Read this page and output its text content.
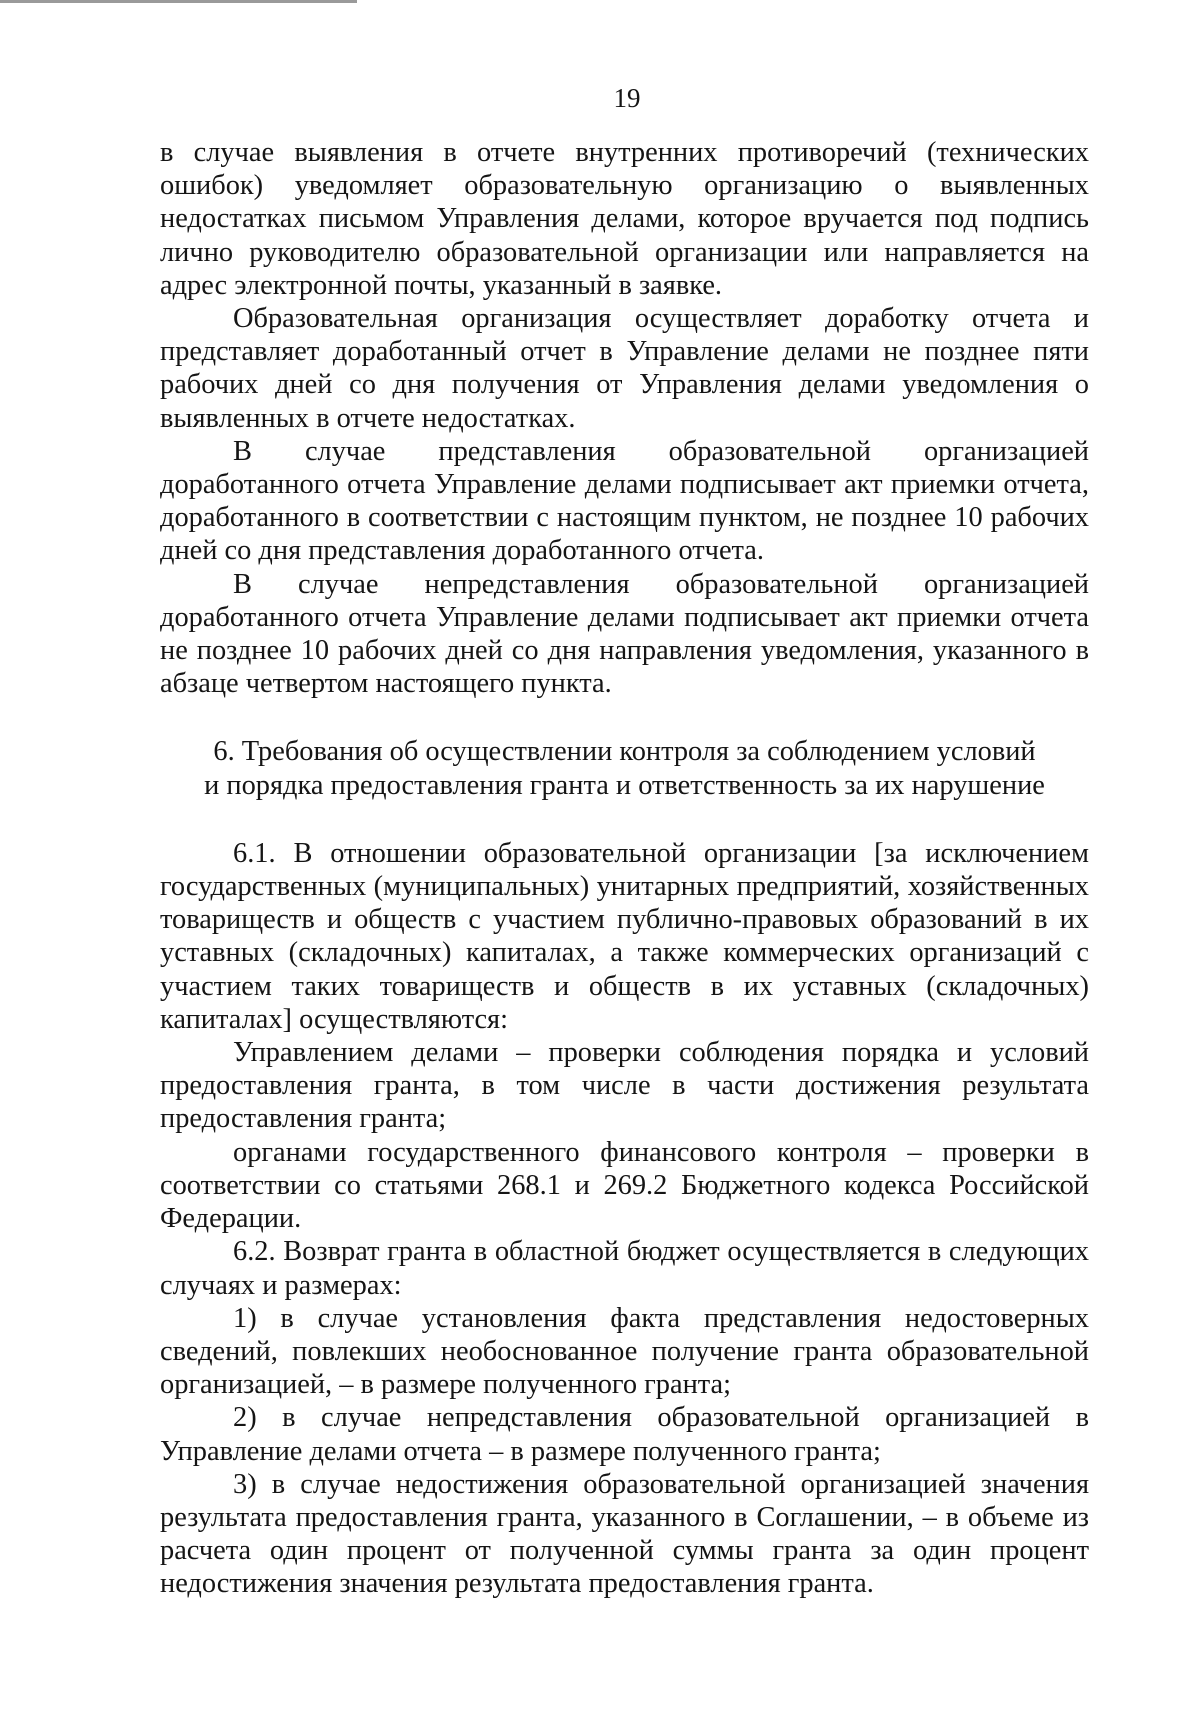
19

в случае выявления в отчете внутренних противоречий (технических ошибок) уведомляет образовательную организацию о выявленных недостатках письмом Управления делами, которое вручается под подпись лично руководителю образовательной организации или направляется на адрес электронной почты, указанный в заявке.

Образовательная организация осуществляет доработку отчета и представляет доработанный отчет в Управление делами не позднее пяти рабочих дней со дня получения от Управления делами уведомления о выявленных в отчете недостатках.

В случае представления образовательной организацией доработанного отчета Управление делами подписывает акт приемки отчета, доработанного в соответствии с настоящим пунктом, не позднее 10 рабочих дней со дня представления доработанного отчета.

В случае непредставления образовательной организацией доработанного отчета Управление делами подписывает акт приемки отчета не позднее 10 рабочих дней со дня направления уведомления, указанного в абзаце четвертом настоящего пункта.

6. Требования об осуществлении контроля за соблюдением условий
и порядка предоставления гранта и ответственность за их нарушение

6.1. В отношении образовательной организации [за исключением государственных (муниципальных) унитарных предприятий, хозяйственных товариществ и обществ с участием публично-правовых образований в их уставных (складочных) капиталах, а также коммерческих организаций с участием таких товариществ и обществ в их уставных (складочных) капиталах] осуществляются:

Управлением делами – проверки соблюдения порядка и условий предоставления гранта, в том числе в части достижения результата предоставления гранта;

органами государственного финансового контроля – проверки в соответствии со статьями 268.1 и 269.2 Бюджетного кодекса Российской Федерации.

6.2. Возврат гранта в областной бюджет осуществляется в следующих случаях и размерах:

1) в случае установления факта представления недостоверных сведений, повлекших необоснованное получение гранта образовательной организацией, – в размере полученного гранта;

2) в случае непредставления образовательной организацией в Управление делами отчета – в размере полученного гранта;

3) в случае недостижения образовательной организацией значения результата предоставления гранта, указанного в Соглашении, – в объеме из расчета один процент от полученной суммы гранта за один процент недостижения значения результата предоставления гранта.
